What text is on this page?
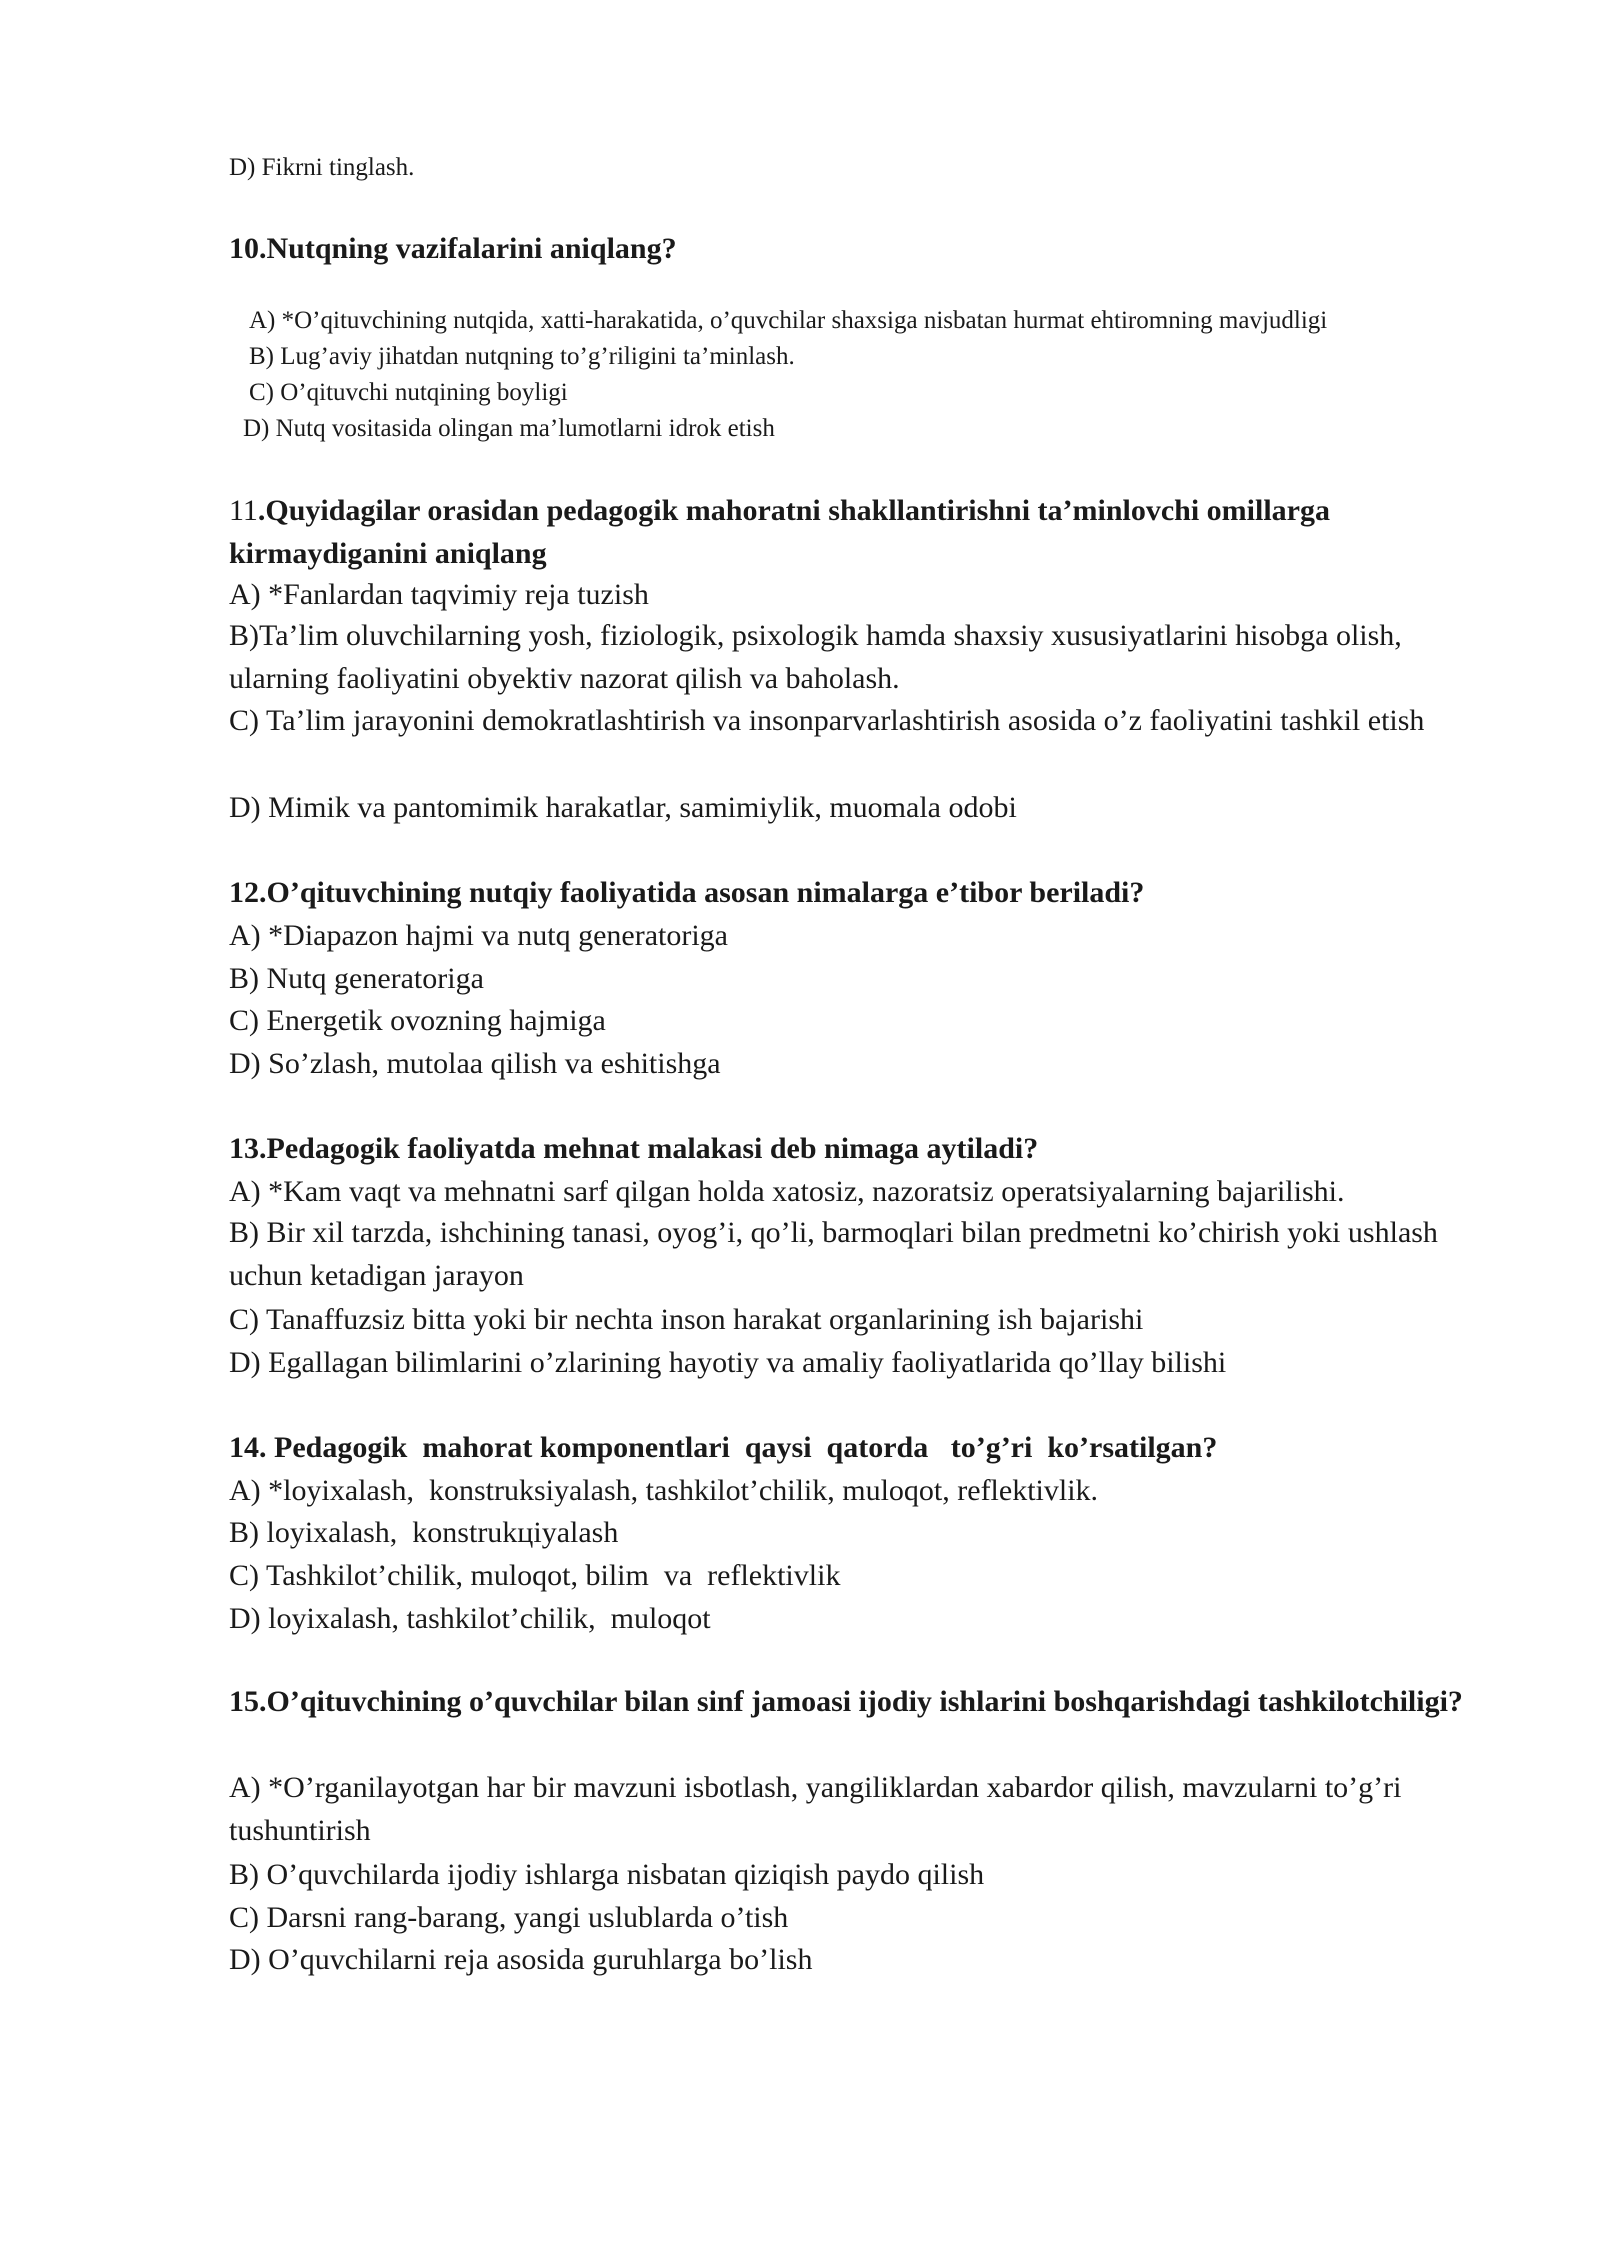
D) Fikrni tinglash.
10.Nutqning vazifalarini aniqlang?
A) *O’qituvchining nutqida, xatti-harakatida, o’quvchilar shaxsiga nisbatan hurmat ehtiromning mavjudligi
B) Lug’aviy jihatdan nutqning to’g’riligini ta’minlash.
C) O’qituvchi nutqining boyligi
D) Nutq vositasida olingan ma’lumotlarni idrok etish
11.Quyidagilar orasidan pedagogik mahoratni shakllantirishni ta’minlovchi omillarga kirmaydiganini aniqlang
A) *Fanlardan taqvimiy reja tuzish
B)Ta’lim oluvchilarning yosh, fiziologik, psixologik hamda shaxsiy xususiyatlarini hisobga olish, ularning faoliyatini obyektiv nazorat qilish va baholash.
C) Ta’lim jarayonini demokratlashtirish va insonparvarlashtirish asosida o’z faoliyatini tashkil etish
D) Mimik va pantomimik harakatlar, samimiylik, muomala odobi
12.O’qituvchining nutqiy faoliyatida asosan nimalarga e’tibor beriladi?
A) *Diapazon hajmi va nutq generatoriga
B) Nutq generatoriga
C) Energetik ovozning hajmiga
D) So’zlash, mutolaa qilish va eshitishga
13.Pedagogik faoliyatda mehnat malakasi deb nimaga aytiladi?
A) *Kam vaqt va mehnatni sarf qilgan holda xatosiz, nazoratsiz operatsiyalarning bajarilishi.
B) Bir xil tarzda, ishchining tanasi, oyog’i, qo’li, barmoqlari bilan predmetni ko’chirish yoki ushlash uchun ketadigan jarayon
C) Tanaffuzsiz bitta yoki bir nechta inson harakat organlarining ish bajarishi
D) Egallagan bilimlarini o’zlarining hayotiy va amaliy faoliyatlarida qo’llay bilishi
14. Pedagogik  mahorat komponentlari  qaysi  qatorda   to’g’ri  ko’rsatilgan?
A) *loyixalash,  konstruksiyalash, tashkilot’chilik, muloqot, reflektivlik.
B) loyixalash,  konstrukцiyalash
C) Tashkilot’chilik, muloqot, bilim  va  reflektivlik
D) loyixalash, tashkilot’chilik,  muloqot
15.O’qituvchining o’quvchilar bilan sinf jamoasi ijodiy ishlarini boshqarishdagi tashkilotchiligi?
A) *O’rganilayotgan har bir mavzuni isbotlash, yangiliklardan xabardor qilish, mavzularni to’g’ri tushuntirish
B) O’quvchilarda ijodiy ishlarga nisbatan qiziqish paydo qilish
C) Darsni rang-barang, yangi uslublarda o’tish
D) O’quvchilarni reja asosida guruhlarga bo’lish
